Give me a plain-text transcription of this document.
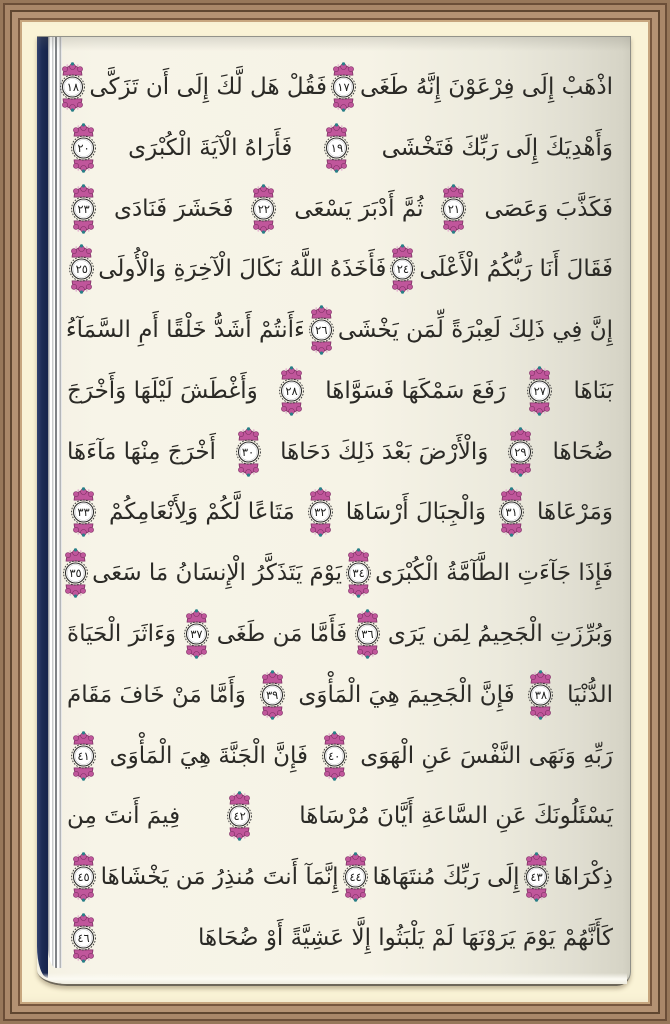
اذْهَبْ إِلَى فِرْعَوْنَ إِنَّهُ طَغَى
١٧
فَقُلْ هَل لَّكَ إِلَى أَن تَزَكَّى
١٨
وَأَهْدِيَكَ إِلَى رَبِّكَ فَتَخْشَى
١٩
فَأَرَاهُ الْآيَةَ الْكُبْرَى
٢٠
فَكَذَّبَ وَعَصَى
٢١
ثُمَّ أَدْبَرَ يَسْعَى
٢٢
فَحَشَرَ فَنَادَى
٢٣
فَقَالَ أَنَا رَبُّكُمُ الْأَعْلَى
٢٤
فَأَخَذَهُ اللَّهُ نَكَالَ الْآخِرَةِ وَالْأُولَى
٢٥
إِنَّ فِي ذَلِكَ لَعِبْرَةً لِّمَن يَخْشَى
٢٦
ءَأَنتُمْ أَشَدُّ خَلْقًا أَمِ السَّمَآءُ
بَنَاهَا
٢٧
رَفَعَ سَمْكَهَا فَسَوَّاهَا
٢٨
وَأَغْطَشَ لَيْلَهَا وَأَخْرَجَ
ضُحَاهَا
٢٩
وَالْأَرْضَ بَعْدَ ذَلِكَ دَحَاهَا
٣٠
أَخْرَجَ مِنْهَا مَآءَهَا
وَمَرْعَاهَا
٣١
وَالْجِبَالَ أَرْسَاهَا
٣٢
مَتَاعًا لَّكُمْ وَلِأَنْعَامِكُمْ
٣٣
فَإِذَا جَآءَتِ الطَّآمَّةُ الْكُبْرَى
٣٤
يَوْمَ يَتَذَكَّرُ الْإِنسَانُ مَا سَعَى
٣٥
وَبُرِّزَتِ الْجَحِيمُ لِمَن يَرَى
٣٦
فَأَمَّا مَن طَغَى
٣٧
وَءَاثَرَ الْحَيَاةَ
الدُّنْيَا
٣٨
فَإِنَّ الْجَحِيمَ هِيَ الْمَأْوَى
٣٩
وَأَمَّا مَنْ خَافَ مَقَامَ
رَبِّهِ وَنَهَى النَّفْسَ عَنِ الْهَوَى
٤٠
فَإِنَّ الْجَنَّةَ هِيَ الْمَأْوَى
٤١
يَسْئَلُونَكَ عَنِ السَّاعَةِ أَيَّانَ مُرْسَاهَا
٤٢
فِيمَ أَنتَ مِن
ذِكْرَاهَا
٤٣
إِلَى رَبِّكَ مُنتَهَاهَا
٤٤
إِنَّمَآ أَنتَ مُنذِرُ مَن يَخْشَاهَا
٤٥
كَأَنَّهُمْ يَوْمَ يَرَوْنَهَا لَمْ يَلْبَثُوا إِلَّا عَشِيَّةً أَوْ ضُحَاهَا
٤٦
